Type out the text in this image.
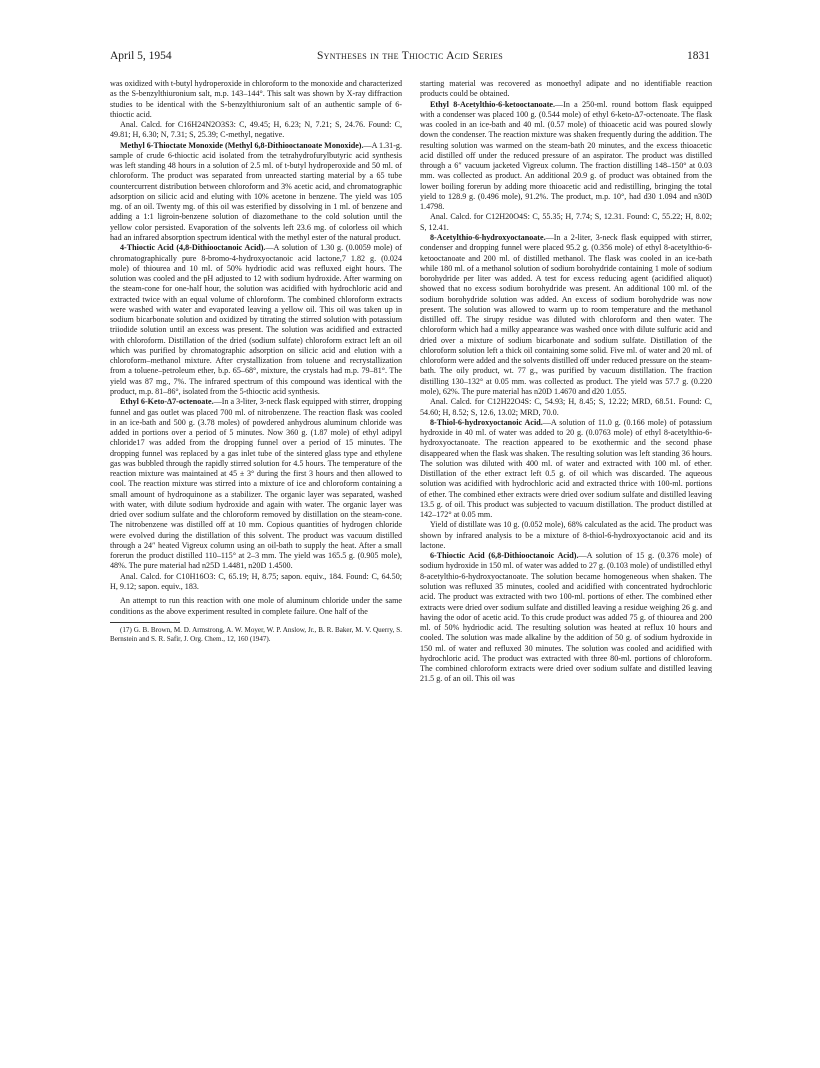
April 5, 1954	Syntheses in the Thioctic Acid Series	1831

was oxidized with t-butyl hydroperoxide in chloroform to the monoxide and characterized as the S-benzylthiuronium salt, m.p. 143–144°. This salt was shown by X-ray diffraction studies to be identical with the S-benzylthiuronium salt of an authentic sample of 6-thioctic acid.

Anal. Calcd. for C16H24N2O3S3: C, 49.45; H, 6.23; N, 7.21; S, 24.76. Found: C, 49.81; H, 6.30; N, 7.31; S, 25.39; C-methyl, negative.

Methyl 6-Thioctate Monoxide (Methyl 6,8-Dithiooctanoate Monoxide).—A 1.31-g. sample of crude 6-thioctic acid isolated from the tetrahydrofurylbutyric acid synthesis was left standing 48 hours in a solution of 2.5 ml. of t-butyl hydroperoxide and 50 ml. of chloroform. The product was separated from unreacted starting material by a 65 tube countercurrent distribution between chloroform and 3% acetic acid, and chromatographic adsorption on silicic acid and eluting with 10% acetone in benzene. The yield was 105 mg. of an oil. Twenty mg. of this oil was esterified by dissolving in 1 ml. of benzene and adding a 1:1 ligroin-benzene solution of diazomethane to the cold solution until the yellow color persisted. Evaporation of the solvents left 23.6 mg. of colorless oil which had an infrared absorption spectrum identical with the methyl ester of the natural product.

4-Thioctic Acid (4,8-Dithiooctanoic Acid).—A solution of 1.30 g. (0.0059 mole) of chromatographically pure 8-bromo-4-hydroxyoctanoic acid lactone,7 1.82 g. (0.024 mole) of thiourea and 10 ml. of 50% hydriodic acid was refluxed eight hours. The solution was cooled and the pH adjusted to 12 with sodium hydroxide. After warming on the steam-cone for one-half hour, the solution was acidified with hydrochloric acid and extracted twice with an equal volume of chloroform. The combined chloroform extracts were washed with water and evaporated leaving a yellow oil. This oil was taken up in sodium bicarbonate solution and oxidized by titrating the stirred solution with potassium triiodide solution until an excess was present. The solution was acidified and extracted with chloroform. Distillation of the dried (sodium sulfate) chloroform extract left an oil which was purified by chromatographic adsorption on silicic acid and elution with a chloroform–methanol mixture. After crystallization from toluene and recrystallization from a toluene–petroleum ether, b.p. 65–68°, mixture, the crystals had m.p. 79–81°. The yield was 87 mg., 7%. The infrared spectrum of this compound was identical with the product, m.p. 81–86°, isolated from the 5-thioctic acid synthesis.

Ethyl 6-Keto-Δ7-octenoate.—In a 3-liter, 3-neck flask equipped with stirrer, dropping funnel and gas outlet was placed 700 ml. of nitrobenzene. The reaction flask was cooled in an ice-bath and 500 g. (3.78 moles) of powdered anhydrous aluminum chloride was added in portions over a period of 5 minutes. Now 360 g. (1.87 mole) of ethyl adipyl chloride17 was added from the dropping funnel over a period of 15 minutes. The dropping funnel was replaced by a gas inlet tube of the sintered glass type and ethylene gas was bubbled through the rapidly stirred solution for 4.5 hours. The temperature of the reaction mixture was maintained at 45 ± 3° during the first 3 hours and then allowed to cool. The reaction mixture was stirred into a mixture of ice and chloroform containing a small amount of hydroquinone as a stabilizer. The organic layer was separated, washed with water, with dilute sodium hydroxide and again with water. The organic layer was dried over sodium sulfate and the chloroform removed by distillation on the steam-cone. The nitrobenzene was distilled off at 10 mm. Copious quantities of hydrogen chloride were evolved during the distillation of this solvent. The product was vacuum distilled through a 24″ heated Vigreux column using an oil-bath to supply the heat. After a small forerun the product distilled 110–115° at 2–3 mm. The yield was 165.5 g. (0.905 mole), 48%. The pure material had n25D 1.4481, n20D 1.4500.

Anal. Calcd. for C10H16O3: C, 65.19; H, 8.75; sapon. equiv., 184. Found: C, 64.50; H, 9.12; sapon. equiv., 183.

An attempt to run this reaction with one mole of aluminum chloride under the same conditions as the above experiment resulted in complete failure. One half of the

(17) G. B. Brown, M. D. Armstrong, A. W. Moyer, W. P. Anslow, Jr., B. R. Baker, M. V. Querry, S. Bernstein and S. R. Safir, J. Org. Chem., 12, 160 (1947).

starting material was recovered as monoethyl adipate and no identifiable reaction products could be obtained.

Ethyl 8-Acetylthio-6-ketooctanoate.—In a 250-ml. round bottom flask equipped with a condenser was placed 100 g. (0.544 mole) of ethyl 6-keto-Δ7-octenoate. The flask was cooled in an ice-bath and 40 ml. (0.57 mole) of thioacetic acid was poured slowly down the condenser. The reaction mixture was shaken frequently during the addition. The resulting solution was warmed on the steam-bath 20 minutes, and the excess thioacetic acid distilled off under the reduced pressure of an aspirator. The product was distilled through a 6″ vacuum jacketed Vigreux column. The fraction distilling 148–150° at 0.03 mm. was collected as product. An additional 20.9 g. of product was obtained from the lower boiling forerun by adding more thioacetic acid and redistilling, bringing the total yield to 128.9 g. (0.496 mole), 91.2%. The product, m.p. 10°, had d30 1.094 and n30D 1.4798.

Anal. Calcd. for C12H20O4S: C, 55.35; H, 7.74; S, 12.31. Found: C, 55.22; H, 8.02; S, 12.41.

8-Acetylthio-6-hydroxyoctanoate.—In a 2-liter, 3-neck flask equipped with stirrer, condenser and dropping funnel were placed 95.2 g. (0.356 mole) of ethyl 8-acetylthio-6-ketooctanoate and 200 ml. of distilled methanol. The flask was cooled in an ice-bath while 180 ml. of a methanol solution of sodium borohydride containing 1 mole of sodium borohydride per liter was added. A test for excess reducing agent (acidified aliquot) showed that no excess sodium borohydride was present. An additional 100 ml. of the sodium borohydride solution was added. An excess of sodium borohydride was now present. The solution was allowed to warm up to room temperature and the methanol distilled off. The sirupy residue was diluted with chloroform and then water. The chloroform which had a milky appearance was washed once with dilute sulfuric acid and dried over a mixture of sodium bicarbonate and sodium sulfate. Distillation of the chloroform solution left a thick oil containing some solid. Five ml. of water and 20 ml. of chloroform were added and the solvents distilled off under reduced pressure on the steam-bath. The oily product, wt. 77 g., was purified by vacuum distillation. The fraction distilling 130–132° at 0.05 mm. was collected as product. The yield was 57.7 g. (0.220 mole), 62%. The pure material has n20D 1.4670 and d20 1.055.

Anal. Calcd. for C12H22O4S: C, 54.93; H, 8.45; S, 12.22; MRD, 68.51. Found: C, 54.60; H, 8.52; S, 12.6, 13.02; MRD, 70.0.

8-Thiol-6-hydroxyoctanoic Acid.—A solution of 11.0 g. (0.166 mole) of potassium hydroxide in 40 ml. of water was added to 20 g. (0.0763 mole) of ethyl 8-acetylthio-6-hydroxyoctanoate. The reaction appeared to be exothermic and the second phase disappeared when the flask was shaken. The resulting solution was left standing 36 hours. The solution was diluted with 400 ml. of water and extracted with 100 ml. of ether. Distillation of the ether extract left 0.5 g. of oil which was discarded. The aqueous solution was acidified with hydrochloric acid and extracted thrice with 100-ml. portions of ether. The combined ether extracts were dried over sodium sulfate and distilled leaving 13.5 g. of oil. This product was subjected to vacuum distillation. The product distilled at 142–172° at 0.05 mm.

Yield of distillate was 10 g. (0.052 mole), 68% calculated as the acid. The product was shown by infrared analysis to be a mixture of 8-thiol-6-hydroxyoctanoic acid and its lactone.

6-Thioctic Acid (6,8-Dithiooctanoic Acid).—A solution of 15 g. (0.376 mole) of sodium hydroxide in 150 ml. of water was added to 27 g. (0.103 mole) of undistilled ethyl 8-acetylthio-6-hydroxyoctanoate. The solution became homogeneous when shaken. The solution was refluxed 35 minutes, cooled and acidified with concentrated hydrochloric acid. The product was extracted with two 100-ml. portions of ether. The combined ether extracts were dried over sodium sulfate and distilled leaving a residue weighing 26 g. and having the odor of acetic acid. To this crude product was added 75 g. of thiourea and 200 ml. of 50% hydriodic acid. The resulting solution was heated at reflux 10 hours and cooled. The solution was made alkaline by the addition of 50 g. of sodium hydroxide in 150 ml. of water and refluxed 30 minutes. The solution was cooled and acidified with hydrochloric acid. The product was extracted with three 80-ml. portions of chloroform. The combined chloroform extracts were dried over sodium sulfate and distilled leaving 21.5 g. of an oil. This oil was
